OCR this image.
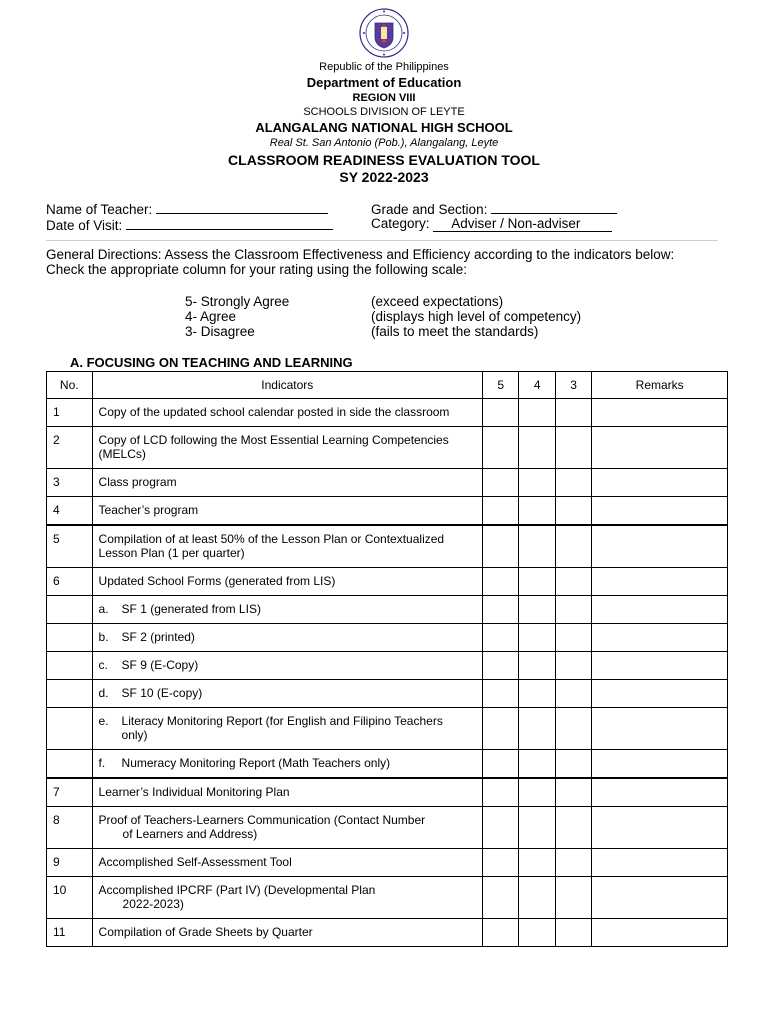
Republic of the Philippines
Department of Education
REGION VIII
SCHOOLS DIVISION OF LEYTE
ALANGALANG NATIONAL HIGH SCHOOL
Real St. San Antonio (Pob.), Alangalang, Leyte
CLASSROOM READINESS EVALUATION TOOL
SY 2022-2023
Name of Teacher:	Grade and Section:
Date of Visit:	Category: Adviser / Non-adviser
General Directions: Assess the Classroom Effectiveness and Efficiency according to the indicators below:
Check the appropriate column for your rating using the following scale:
5- Strongly Agree	(exceed expectations)
4- Agree	(displays high level of competency)
3- Disagree	(fails to meet the standards)
A. FOCUSING ON TEACHING AND LEARNING
No.	Indicators	5	4	3	Remarks
1	Copy of the updated school calendar posted in side the classroom				
2	Copy of LCD following the Most Essential Learning Competencies (MELCs)				
3	Class program				
4	Teacher’s program				
5	Compilation of at least 50% of the Lesson Plan or Contextualized Lesson Plan (1 per quarter)				
6	Updated School Forms (generated from LIS)				
	a. SF 1 (generated from LIS)				
	b. SF 2 (printed)				
	c. SF 9 (E-Copy)				
	d. SF 10 (E-copy)				
	e. Literacy Monitoring Report (for English and Filipino Teachers only)				
	f. Numeracy Monitoring Report (Math Teachers only)				
7	Learner’s Individual Monitoring Plan				
8	Proof of Teachers-Learners Communication (Contact Number
of Learners and Address)				

9	Accomplished Self-Assessment Tool				
10	Accomplished IPCRF (Part IV) (Developmental Plan
2022-2023)				

11	Compilation of Grade Sheets by Quarter				
